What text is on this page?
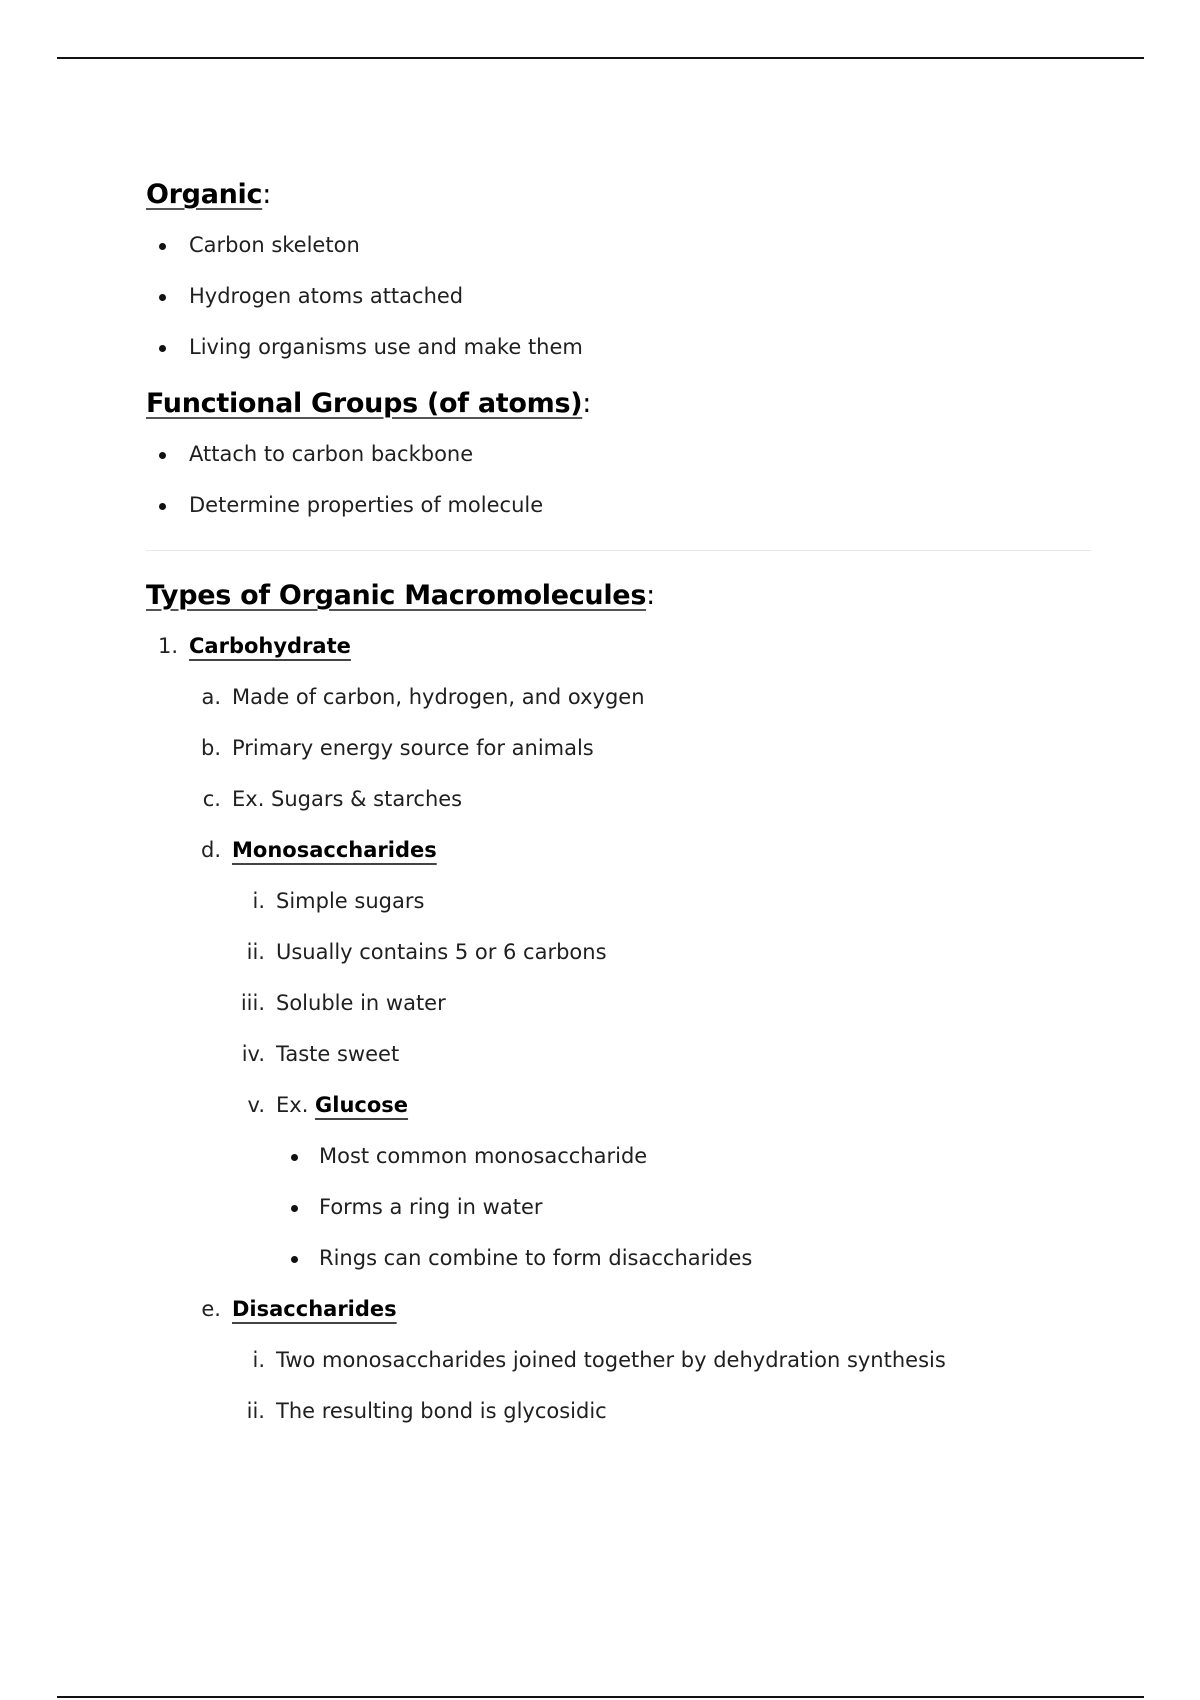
Organic:
Carbon skeleton
Hydrogen atoms attached
Living organisms use and make them
Functional Groups (of atoms):
Attach to carbon backbone
Determine properties of molecule
Types of Organic Macromolecules:
1. Carbohydrate
a. Made of carbon, hydrogen, and oxygen
b. Primary energy source for animals
c. Ex. Sugars & starches
d. Monosaccharides
i. Simple sugars
ii. Usually contains 5 or 6 carbons
iii. Soluble in water
iv. Taste sweet
v. Ex. Glucose
Most common monosaccharide
Forms a ring in water
Rings can combine to form disaccharides
e. Disaccharides
i. Two monosaccharides joined together by dehydration synthesis
ii. The resulting bond is glycosidic
